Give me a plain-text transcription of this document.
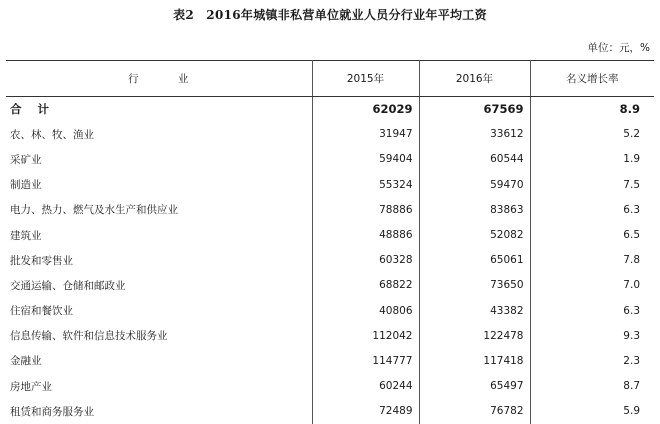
表2　2016年城镇非私营单位就业人员分行业年平均工资
单位：元，%
行 业	2015年	2016年	名义增长率
合 计	62029	67569	8.9
农、林、牧、渔业	31947	33612	5.2
采矿业	59404	60544	1.9
制造业	55324	59470	7.5
电力、热力、燃气及水生产和供应业	78886	83863	6.3
建筑业	48886	52082	6.5
批发和零售业	60328	65061	7.8
交通运输、仓储和邮政业	68822	73650	7.0
住宿和餐饮业	40806	43382	6.3
信息传输、软件和信息技术服务业	112042	122478	9.3
金融业	114777	117418	2.3
房地产业	60244	65497	8.7
租赁和商务服务业	72489	76782	5.9
